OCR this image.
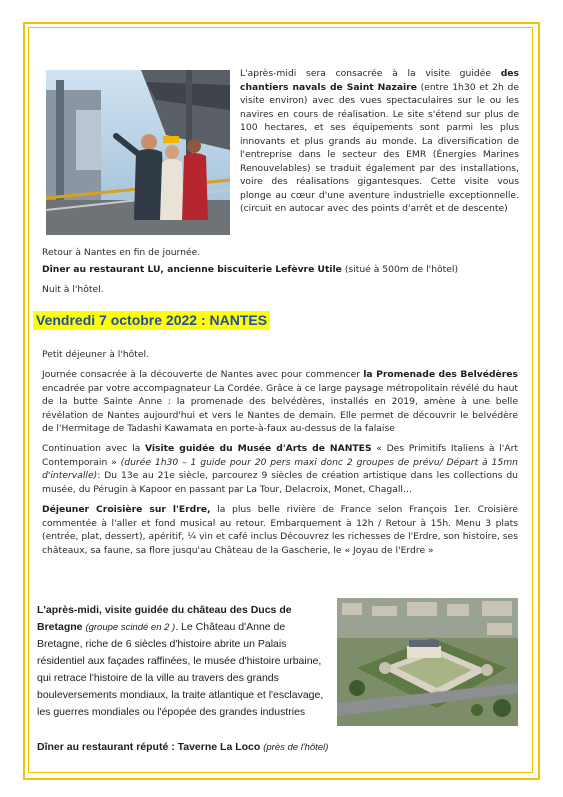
L'après-midi sera consacrée à la visite guidée des chantiers navals de Saint Nazaire (entre 1h30 et 2h de visite environ) avec des vues spectaculaires sur le ou les navires en cours de réalisation. Le site s'étend sur plus de 100 hectares, et ses équipements sont parmi les plus innovants et plus grands au monde. La diversification de l'entreprise dans le secteur des EMR (Énergies Marines Renouvelables) se traduit également par des installations, voire des réalisations gigantesques. Cette visite vous plonge au cœur d'une aventure industrielle exceptionnelle. (circuit en autocar avec des points d'arrêt et de descente)

Retour à Nantes en fin de journée.

Dîner au restaurant LU, ancienne biscuiterie Lefèvre Utile (situé à 500m de l'hôtel)

Nuit à l'hôtel.

Vendredi 7 octobre 2022 : NANTES

Petit déjeuner à l'hôtel.

Journée consacrée à la découverte de Nantes avec pour commencer la Promenade des Belvédères encadrée par votre accompagnateur La Cordée. Grâce à ce large paysage métropolitain révélé du haut de la butte Sainte Anne : la promenade des belvédères, installés en 2019, amène à une belle révélation de Nantes aujourd'hui et vers le Nantes de demain. Elle permet de découvrir le belvédère de l'Hermitage de Tadashi Kawamata en porte-à-faux au-dessus de la falaise

Continuation avec la Visite guidée du Musée d'Arts de NANTES « Des Primitifs Italiens à l'Art Contemporain » (durée 1h30 – 1 guide pour 20 pers maxi donc 2 groupes de prévu/ Départ à 15mn d'intervalle): Du 13e au 21e siècle, parcourez 9 siècles de création artistique dans les collections du musée, du Pérugin à Kapoor en passant par La Tour, Delacroix, Monet, Chagall…

Déjeuner Croisière sur l'Erdre, la plus belle rivière de France selon François 1er. Croisière commentée à l'aller et fond musical au retour. Embarquement à 12h / Retour à 15h. Menu 3 plats (entrée, plat, dessert), apéritif, ¼ vin et café inclus Découvrez les richesses de l'Erdre, son histoire, ses châteaux, sa faune, sa flore jusqu'au Château de la Gascherie, le « Joyau de l'Erdre »

L'après-midi, visite guidée du château des Ducs de Bretagne (groupe scindé en 2 ). Le Château d'Anne de Bretagne, riche de 6 siècles d'histoire abrite un Palais résidentiel aux façades raffinées, le musée d'histoire urbaine, qui retrace l'histoire de la ville au travers des grands bouleversements mondiaux, la traite atlantique et l'esclavage, les guerres mondiales ou l'épopée des grandes industries

Dîner au restaurant réputé : Taverne La Loco (près de l'hôtel)
